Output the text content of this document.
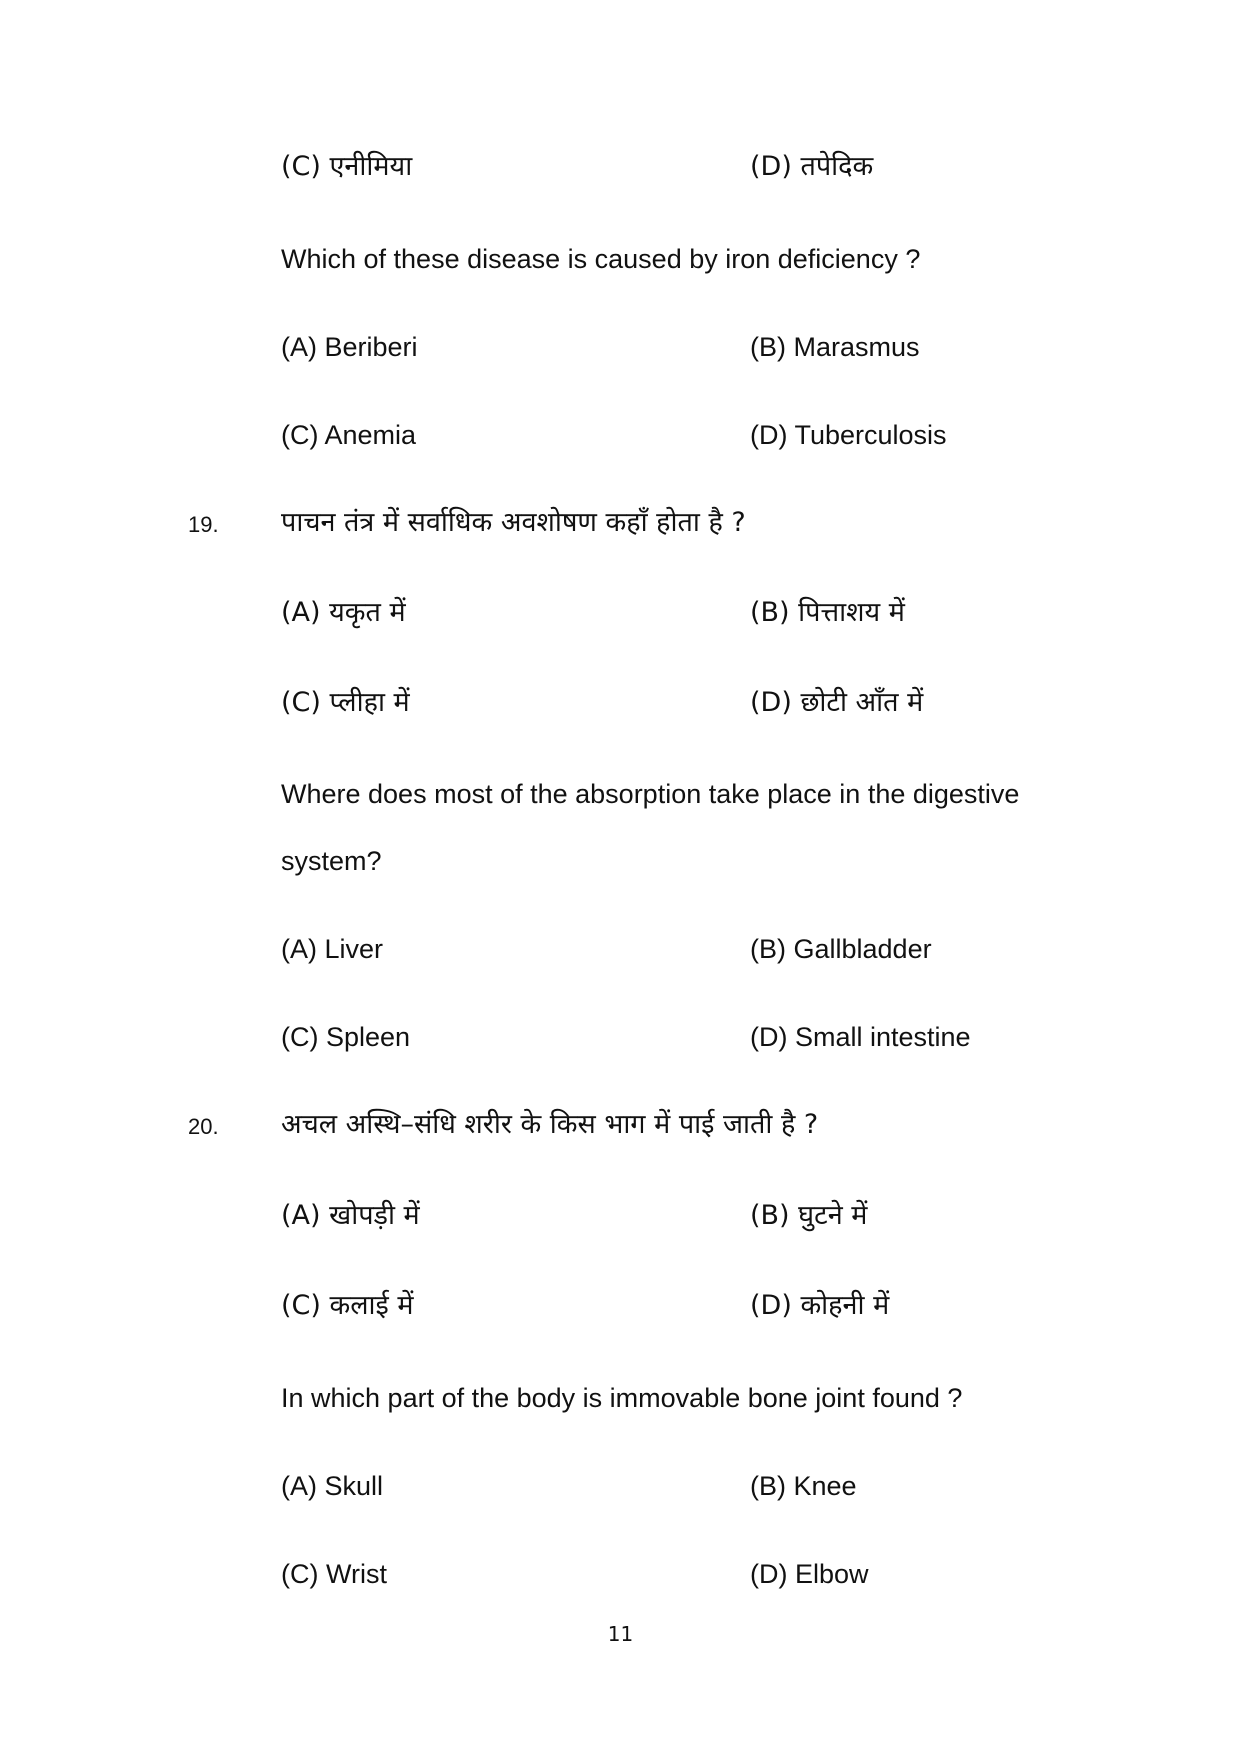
(C) एनीमिया	(D) तपेदिक
Which of these disease is caused by iron deficiency ?
(A) Beriberi	(B) Marasmus
(C) Anemia	(D) Tuberculosis
19. पाचन तंत्र में सर्वाधिक अवशोषण कहाँ होता है ?
(A) यकृत में	(B) पित्ताशय में
(C) प्लीहा में	(D) छोटी आँत में
Where does most of the absorption take place in the digestive
system?
(A) Liver	(B) Gallbladder
(C) Spleen	(D) Small intestine
20. अचल अस्थि–संधि शरीर के किस भाग में पाई जाती है ?
(A) खोपड़ी में	(B) घुटने में
(C) कलाई में	(D) कोहनी में
In which part of the body is immovable bone joint found ?
(A) Skull	(B) Knee
(C) Wrist	(D) Elbow
11
